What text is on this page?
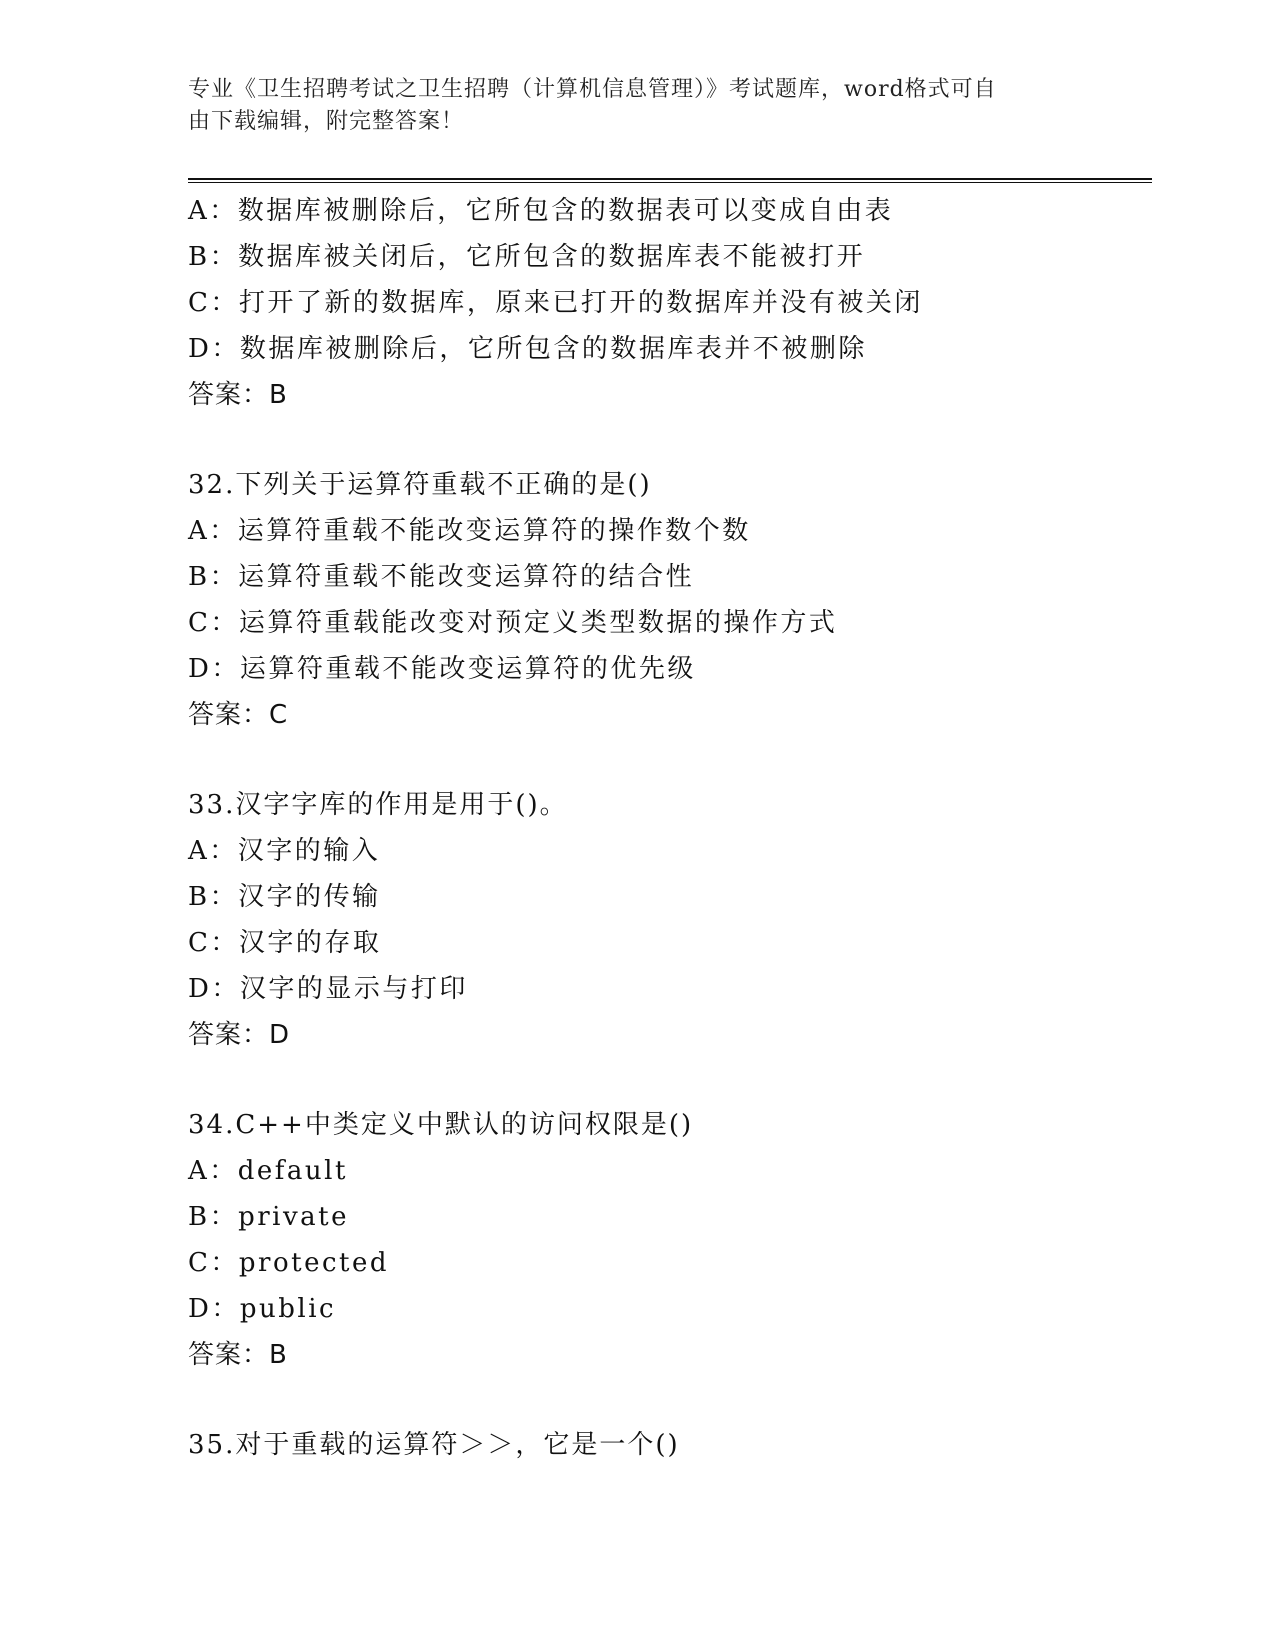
专业《卫生招聘考试之卫生招聘（计算机信息管理）》考试题库，word格式可自
由下载编辑，附完整答案！
A：数据库被删除后，它所包含的数据表可以变成自由表
B：数据库被关闭后，它所包含的数据库表不能被打开
C：打开了新的数据库，原来已打开的数据库并没有被关闭
D：数据库被删除后，它所包含的数据库表并不被删除
答案：B
32.下列关于运算符重载不正确的是()
A：运算符重载不能改变运算符的操作数个数
B：运算符重载不能改变运算符的结合性
C：运算符重载能改变对预定义类型数据的操作方式
D：运算符重载不能改变运算符的优先级
答案：C
33.汉字字库的作用是用于()。
A：汉字的输入
B：汉字的传输
C：汉字的存取
D：汉字的显示与打印
答案：D
34.C++中类定义中默认的访问权限是()
A：default
B：private
C：protected
D：public
答案：B
35.对于重载的运算符＞＞，它是一个()
